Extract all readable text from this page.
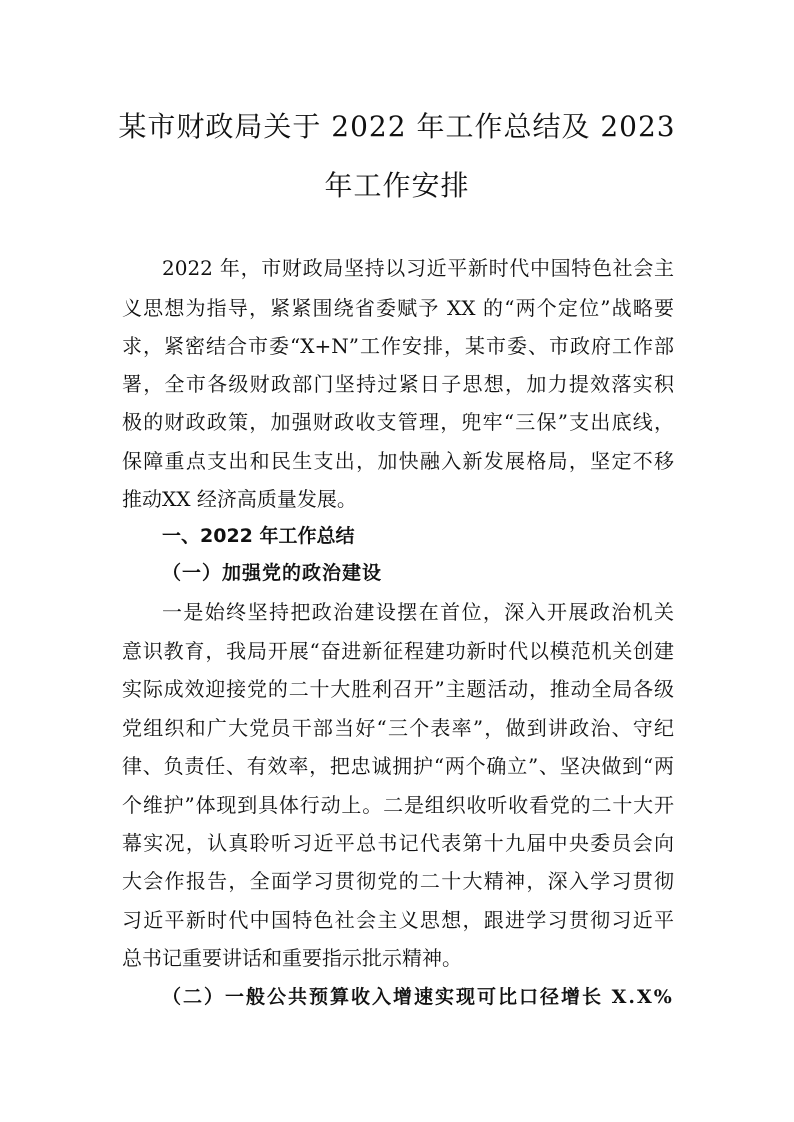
某市财政局关于 2022 年工作总结及 2023
年工作安排

2022 年，市财政局坚持以习近平新时代中国特色社会主

义思想为指导，紧紧围绕省委赋予 XX 的“两个定位”战略要

求，紧密结合市委“X+N”工作安排，某市委、市政府工作部

署，全市各级财政部门坚持过紧日子思想，加力提效落实积

极的财政政策，加强财政收支管理，兜牢“三保”支出底线，

保障重点支出和民生支出，加快融入新发展格局，坚定不移

推动XX 经济高质量发展。

一、2022 年工作总结
（一）加强党的政治建设

一是始终坚持把政治建设摆在首位，深入开展政治机关

意识教育，我局开展“奋进新征程建功新时代以模范机关创建

实际成效迎接党的二十大胜利召开”主题活动，推动全局各级

党组织和广大党员干部当好“三个表率”，做到讲政治、守纪

律、负责任、有效率，把忠诚拥护“两个确立”、坚决做到“两

个维护”体现到具体行动上。二是组织收听收看党的二十大开

幕实况，认真聆听习近平总书记代表第十九届中央委员会向

大会作报告，全面学习贯彻党的二十大精神，深入学习贯彻

习近平新时代中国特色社会主义思想，跟进学习贯彻习近平

总书记重要讲话和重要指示批示精神。

（二）一般公共预算收入增速实现可比口径增长 X.X%
